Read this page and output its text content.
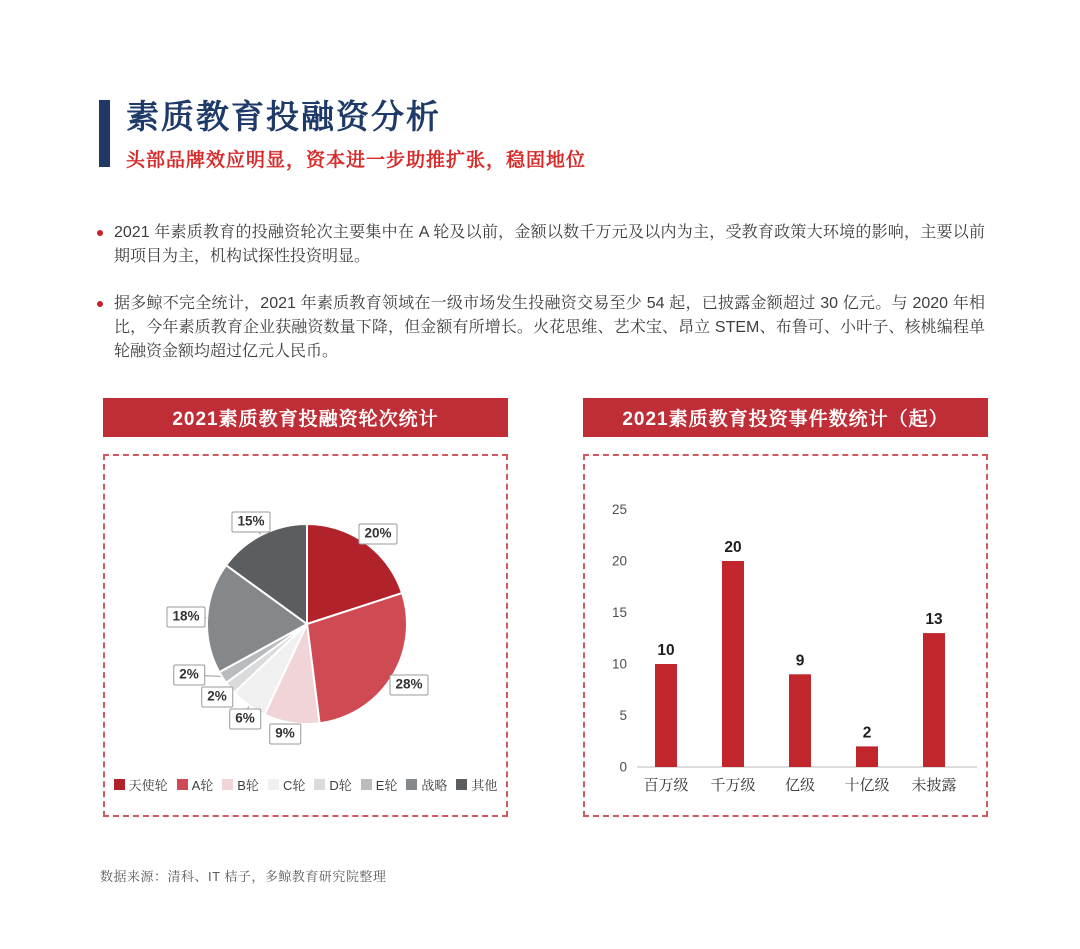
素质教育投融资分析

头部品牌效应明显，资本进一步助推扩张，稳固地位

2021 年素质教育的投融资轮次主要集中在 A 轮及以前，金额以数千万元及以内为主，受教育政策大环境的影响，主要以前期项目为主，机构试探性投资明显。
据多鲸不完全统计，2021 年素质教育领域在一级市场发生投融资交易至少 54 起，已披露金额超过 30 亿元。与 2020 年相比，今年素质教育企业获融资数量下降，但金额有所增长。火花思维、艺术宝、昂立 STEM、布鲁可、小叶子、核桃编程单轮融资金额均超过亿元人民币。
2021素质教育投融资轮次统计
20%
28%
9%
6%
2%
2%
18%
15%
天使轮 A轮 B轮 C轮 D轮 E轮 战略 其他
2021素质教育投资事件数统计（起）
0
5
10
15
20
25
10
百万级
20
千万级
9
亿级
2
十亿级
13
未披露

数据来源：清科、IT 桔子，多鲸教育研究院整理
